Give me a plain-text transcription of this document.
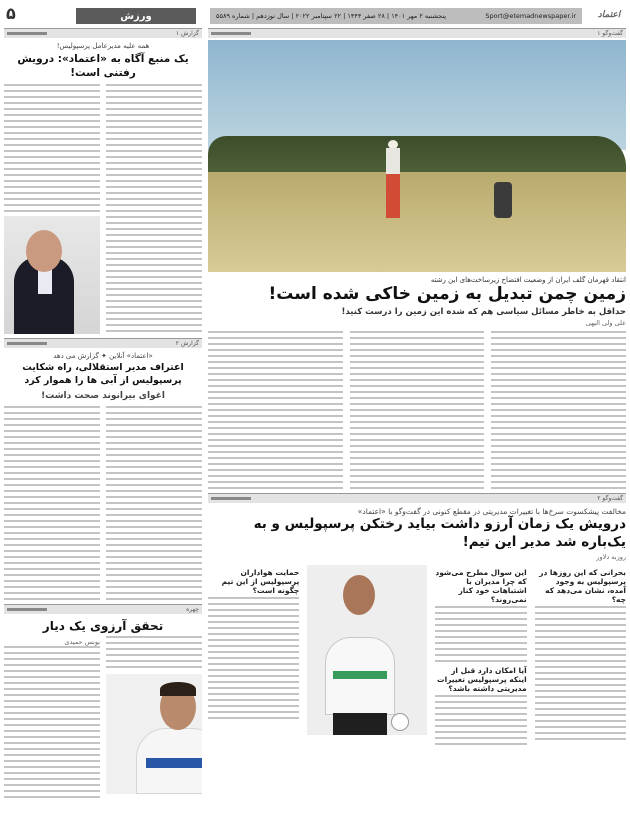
۵	ورزش	Sport@etemadnewspaper.ir
پنجشنبه ۲ مهر ۱۴۰۱ | ۲۸ صفر ۱۴۴۴ | ۲۲ سپتامبر ۲۰۲۲ | سال نوزدهم | شماره ۵۵۸۹	اعتماد
گزارش ۱
همه علیه مدیرعامل پرسپولیس!
یک منبع آگاه به «اعتماد»: درویش رفتنی است!
گزارش ۲
«اعتماد» آنلاین ✦ گزارش می دهد
اعتراف مدیر استقلالی، راه شکایت پرسپولیس از آبی ها را هموار کرد
اغوای بیرانوند صحت داشت!
چهره
تحقق آرزوی یک دیار
یونس حمیدی
گفت‌وگو ۱
انتقاد قهرمان گلف ایران از وضعیت افتضاح زیرساخت‌های این رشته
زمین چمن تبدیل به زمین خاکی شده است!
حداقل به خاطر مسائل سیاسی هم که شده این زمین را درست کنید!
علی ولی الیهی
گفت‌وگو ۲
مخالفت پیشکسوت سرخ‌ها با تغییرات مدیریتی در مقطع کنونی در گفت‌وگو با «اعتماد»
درویش یک زمان آرزو داشت بیاید رختکن پرسپولیس و به یک‌باره شد مدیر این تیم!
روزبه دلاور
بحرانی که این روزها در پرسپولیس به وجود آمده، نشان می‌دهد که چه؟
این سوال مطرح می‌شود که چرا مدیران با اشتباهات خود کنار نمی‌روند؟
آیا امکان دارد قبل از اینکه پرسپولیس تغییرات مدیریتی داشته باشد؟
حمایت هواداران پرسپولیس از این تیم چگونه است؟
